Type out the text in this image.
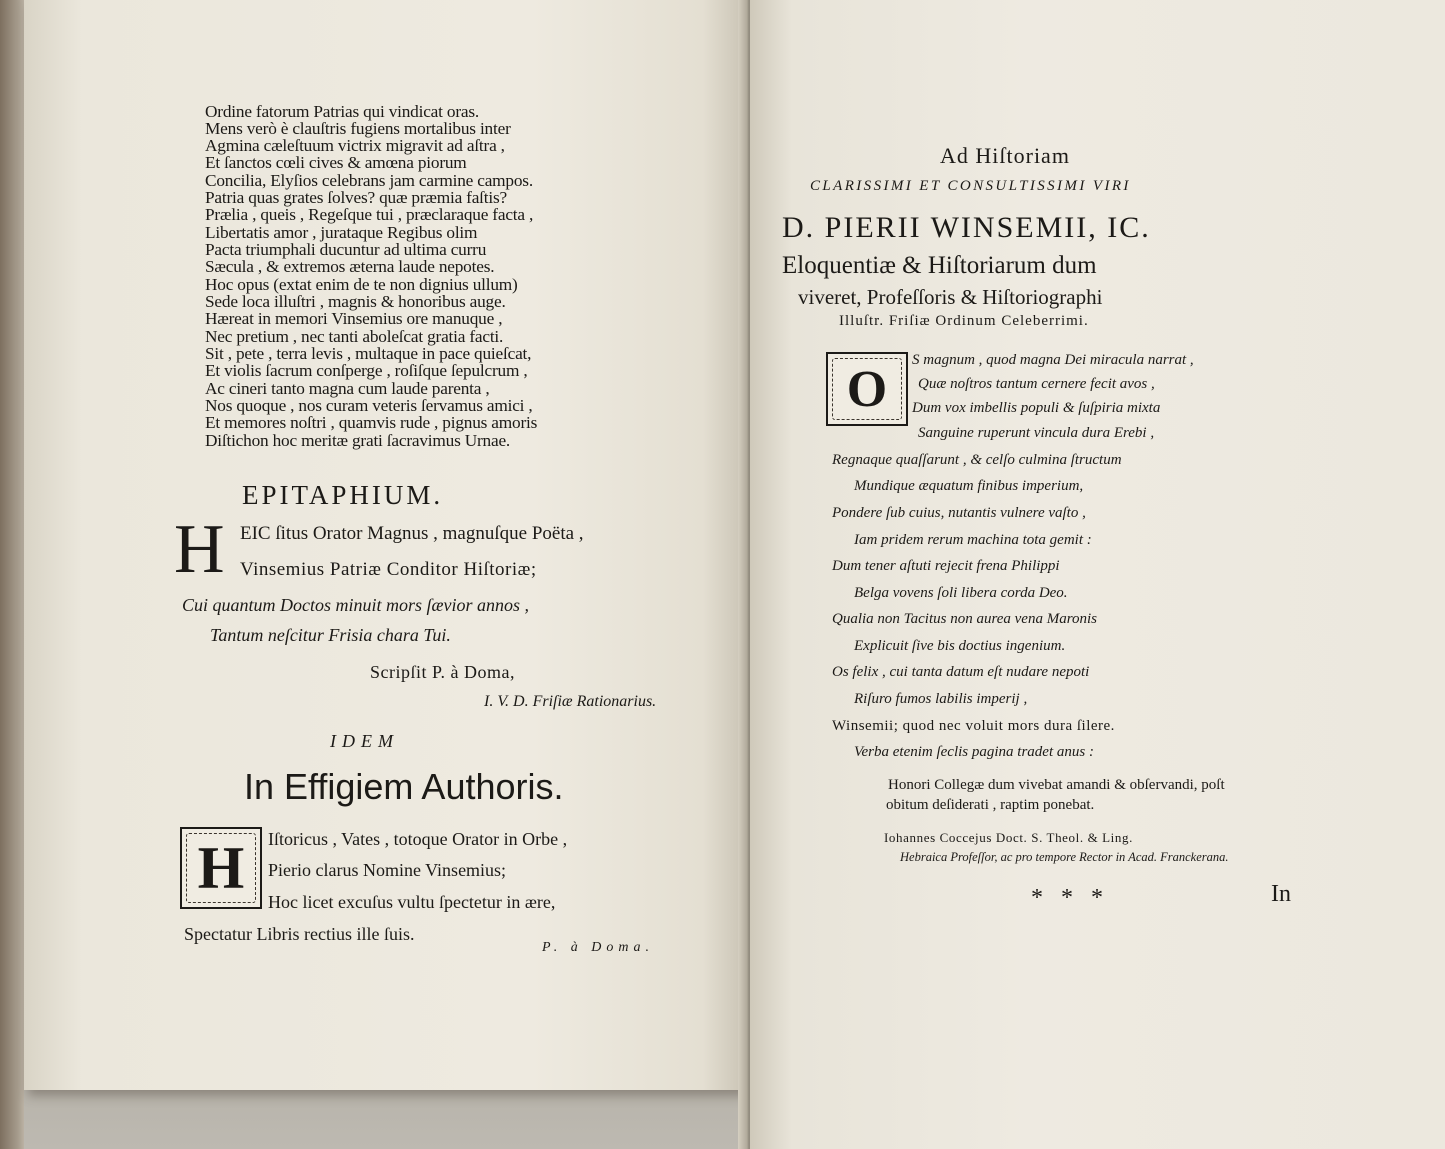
Ordine fatorum Patrias qui vindicat oras.
Mens verò è clauſtris fugiens mortalibus inter
Agmina cæleſtuum victrix migravit ad aſtra ,
Et ſanctos cœli cives & amœna piorum
Concilia, Elyſios celebrans jam carmine campos.
Patria quas grates ſolves? quæ præmia faſtis?
Prælia , queis , Regeſque tui , præclaraque facta ,
Libertatis amor , jurataque Regibus olim
Pacta triumphali ducuntur ad ultima curru
Sæcula , & extremos æterna laude nepotes.
Hoc opus (extat enim de te non dignius ullum)
Sede loca illuſtri , magnis & honoribus auge.
Hæreat in memori Vinsemius ore manuque ,
Nec pretium , nec tanti aboleſcat gratia facti.
Sit , pete , terra levis , multaque in pace quieſcat,
Et violis ſacrum conſperge , roſiſque ſepulcrum ,
Ac cineri tanto magna cum laude parenta ,
Nos quoque , nos curam veteris ſervamus amici ,
Et memores noſtri , quamvis rude , pignus amoris
Diſtichon hoc meritæ grati ſacravimus Urnae.
EPITAPHIUM.
H EIC ſitus Orator Magnus , magnuſque Poëta ,
Vinsemius Patriæ Conditor Hiſtoriæ;
Cui quantum Doctos minuit mors ſævior annos ,
Tantum neſcitur Frisia chara Tui.
Scripſit P. à Doma,
I. V. D. Friſiæ Rationarius.
IDEM
In Effigiem Authoris.
H Iſtoricus , Vates , totoque Orator in Orbe ,
Pierio clarus Nomine Vinsemius;
Hoc licet excuſus vultu ſpectetur in ære,
Spectatur Libris rectius ille ſuis.
P. à Doma.
Ad Hiſtoriam
CLARISSIMI ET CONSULTISSIMI VIRI
D. PIERII WINSEMII, IC.
Eloquentiæ & Hiſtoriarum dum
viveret, Profeſſoris & Hiſtoriographi
Illuſtr. Friſiæ Ordinum Celeberrimi.
O
S magnum , quod magna Dei miracula narrat ,
Quæ noſtros tantum cernere fecit avos ,
Dum vox imbellis populi & ſuſpiria mixta
Sanguine ruperunt vincula dura Erebi ,
Regnaque quaſſarunt , & celſo culmina ſtructum
Mundique æquatum finibus imperium,
Pondere ſub cuius, nutantis vulnere vaſto ,
Iam pridem rerum machina tota gemit :
Dum tener aſtuti rejecit frena Philippi
Belga vovens ſoli libera corda Deo.
Qualia non Tacitus non aurea vena Maronis
Explicuit ſive bis doctius ingenium.
Os felix , cui tanta datum eſt nudare nepoti
Riſuro fumos labilis imperij ,
Winsemii; quod nec voluit mors dura ſilere.
Verba etenim ſeclis pagina tradet anus :
Honori Collegæ dum vivebat amandi & obſervandi, poſt
obitum deſiderati , raptim ponebat.
Iohannes Coccejus Doct. S. Theol. & Ling.
Hebraica Profeſſor, ac pro tempore Rector in Acad. Franckerana.
* * *	In
